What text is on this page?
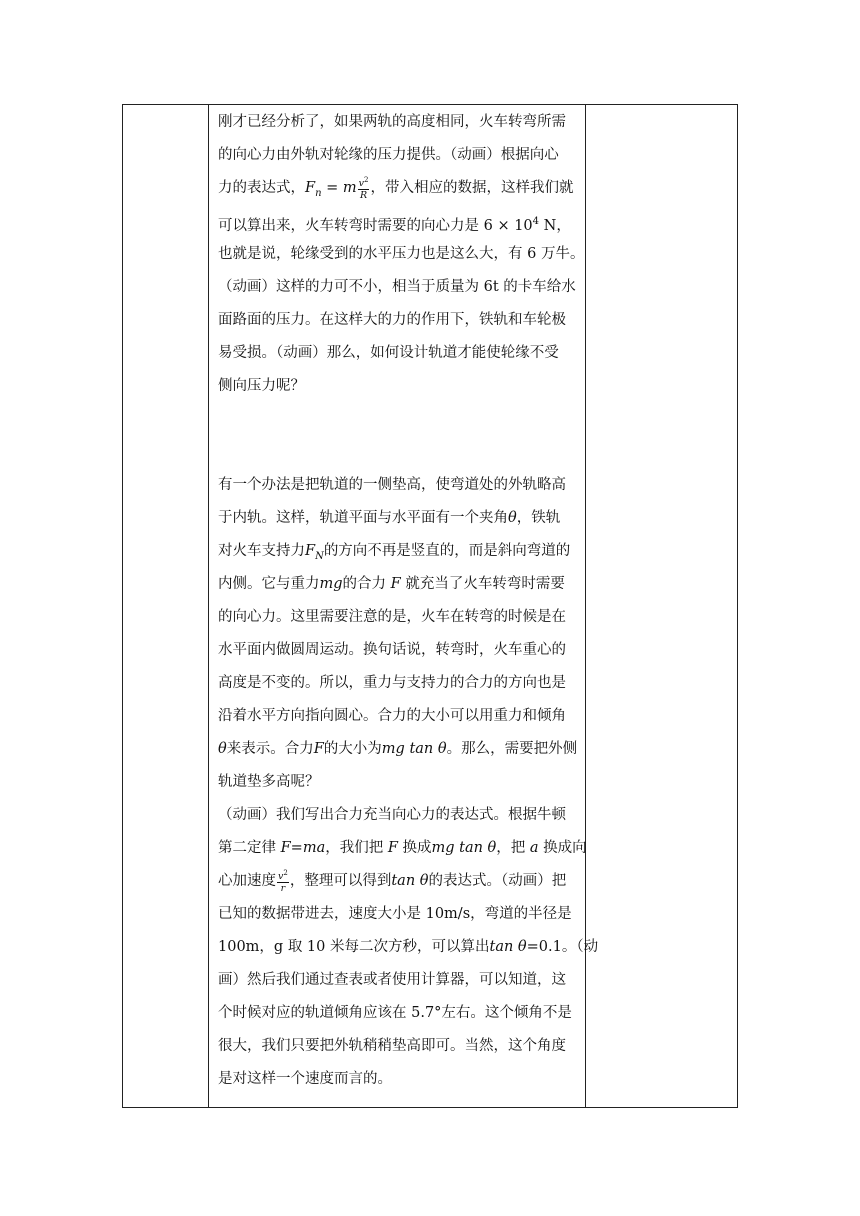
刚才已经分析了，如果两轨的高度相同，火车转弯所需
的向心力由外轨对轮缘的压力提供。（动画）根据向心
力的表达式，$F_n = m \frac{v^2}{R}$ ，带入相应的数据，这样我们就
可以算出来，火车转弯时需要的向心力是 $6 \times 10^4$ N，
也就是说，轮缘受到的水平压力也是这么大，有 6 万牛。
（动画）这样的力可不小，相当于质量为 6t 的卡车给水
面路面的压力。在这样大的力的作用下，铁轨和车轮极
易受损。（动画）那么，如何设计轨道才能使轮缘不受
侧向压力呢？
有一个办法是把轨道的一侧垫高，使弯道处的外轨略高
于内轨。这样，轨道平面与水平面有一个夹角θ，铁轨
对火车支持力$F_N$的方向不再是竖直的，而是斜向弯道的
内侧。它与重力mg的合力 F 就充当了火车转弯时需要
的向心力。这里需要注意的是，火车在转弯的时候是在
水平面内做圆周运动。换句话说，转弯时，火车重心的
高度是不变的。所以，重力与支持力的合力的方向也是
沿着水平方向指向圆心。合力的大小可以用重力和倾角
θ来表示。合力F的大小为mg tan θ。那么，需要把外侧
轨道垫多高呢？
（动画）我们写出合力充当向心力的表达式。根据牛顿
第二定律 F=ma，我们把 F 换成mg tan θ，把 a 换成向
心加速度 $\frac{v^2}{r}$ ，整理可以得到tan θ的表达式。（动画）把
已知的数据带进去，速度大小是 10m/s，弯道的半径是
100m，g 取 10 米每二次方秒，可以算出tan θ=0.1。（动
画）然后我们通过查表或者使用计算器，可以知道，这
个时候对应的轨道倾角应该在 5.7°左右。这个倾角不是
很大，我们只要把外轨稍稍垫高即可。当然，这个角度
是对这样一个速度而言的。
